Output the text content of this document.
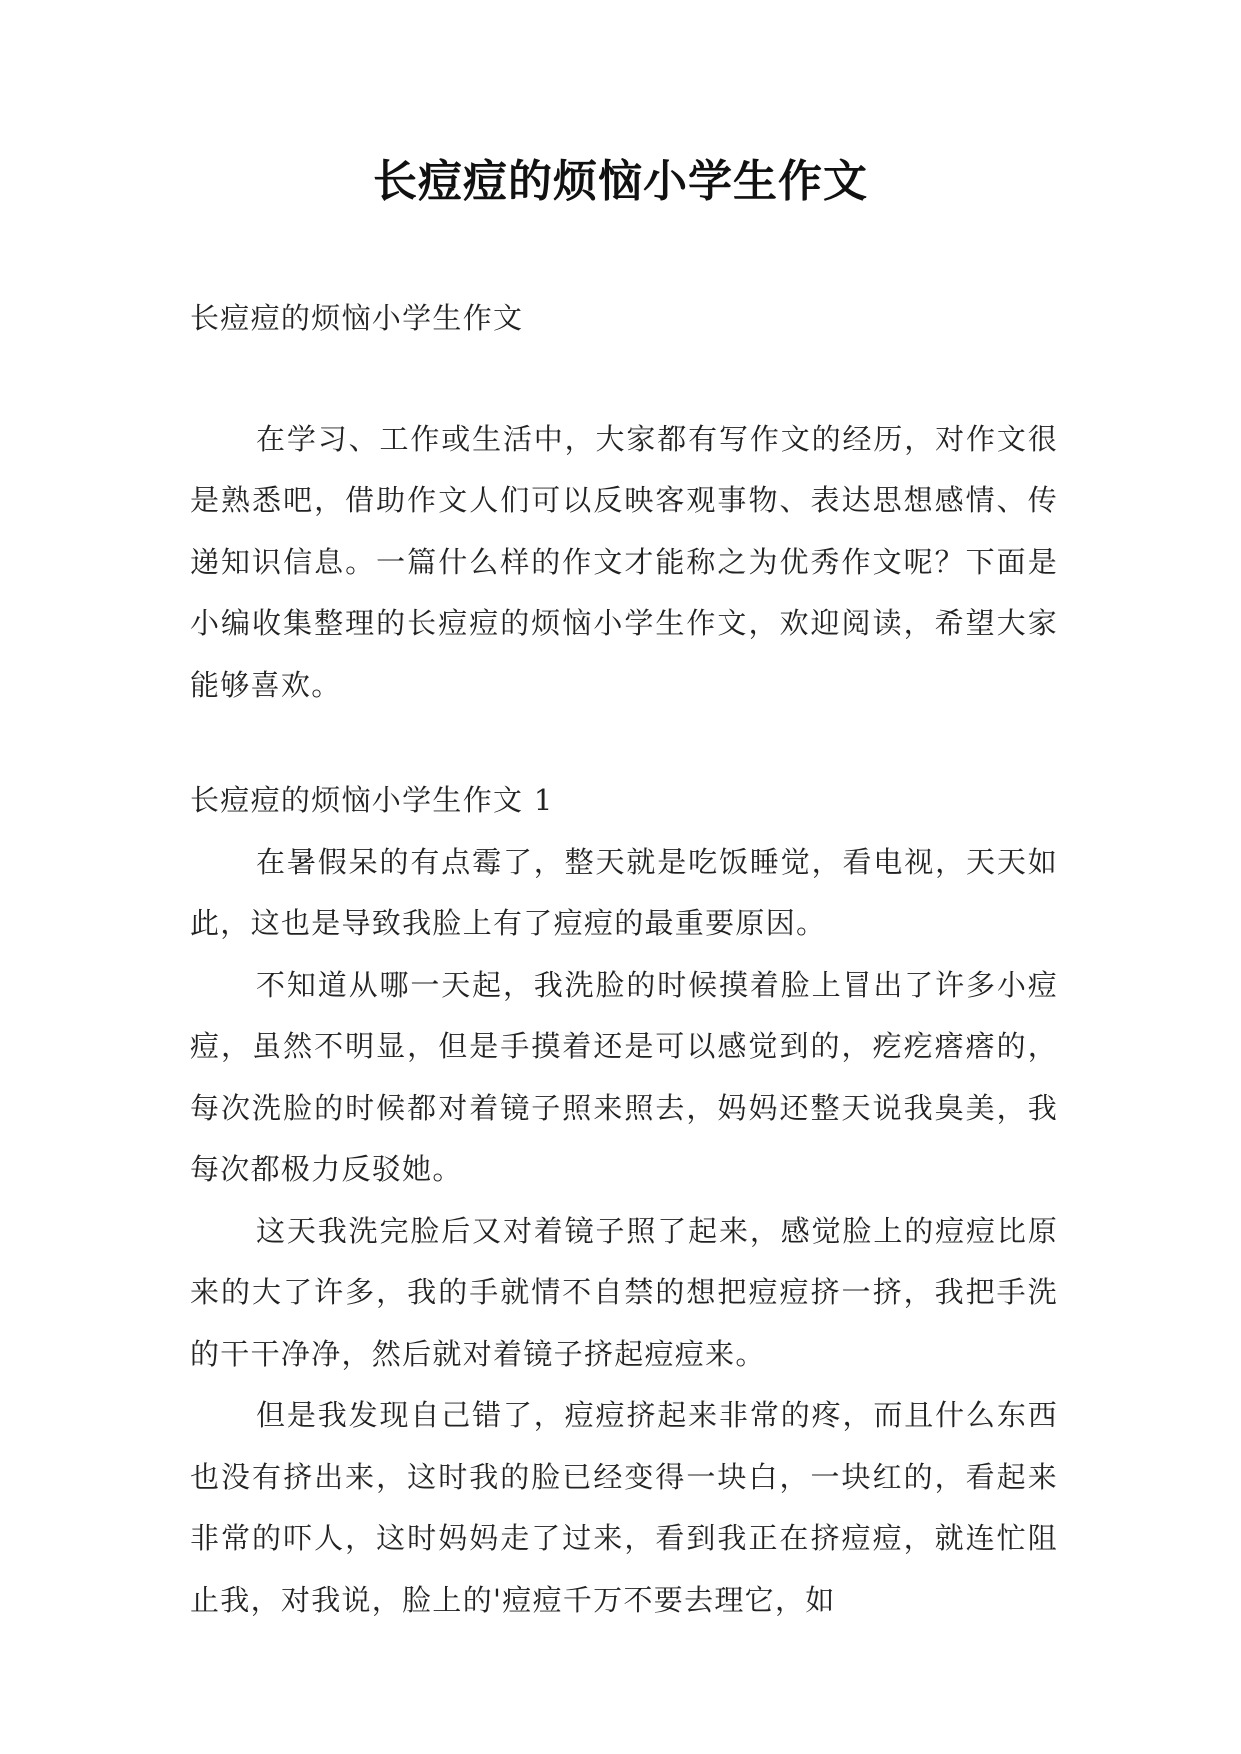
长痘痘的烦恼小学生作文

长痘痘的烦恼小学生作文

在学习、工作或生活中，大家都有写作文的经历，对作文很是熟悉吧，借助作文人们可以反映客观事物、表达思想感情、传递知识信息。一篇什么样的作文才能称之为优秀作文呢？下面是小编收集整理的长痘痘的烦恼小学生作文，欢迎阅读，希望大家能够喜欢。

长痘痘的烦恼小学生作文 1

在暑假呆的有点霉了，整天就是吃饭睡觉，看电视，天天如此，这也是导致我脸上有了痘痘的最重要原因。

不知道从哪一天起，我洗脸的时候摸着脸上冒出了许多小痘痘，虽然不明显，但是手摸着还是可以感觉到的，疙疙瘩瘩的，每次洗脸的时候都对着镜子照来照去，妈妈还整天说我臭美，我每次都极力反驳她。

这天我洗完脸后又对着镜子照了起来，感觉脸上的痘痘比原来的大了许多，我的手就情不自禁的想把痘痘挤一挤，我把手洗的干干净净，然后就对着镜子挤起痘痘来。

但是我发现自己错了，痘痘挤起来非常的疼，而且什么东西也没有挤出来，这时我的脸已经变得一块白，一块红的，看起来非常的吓人，这时妈妈走了过来，看到我正在挤痘痘，就连忙阻止我，对我说，脸上的'痘痘千万不要去理它，如
